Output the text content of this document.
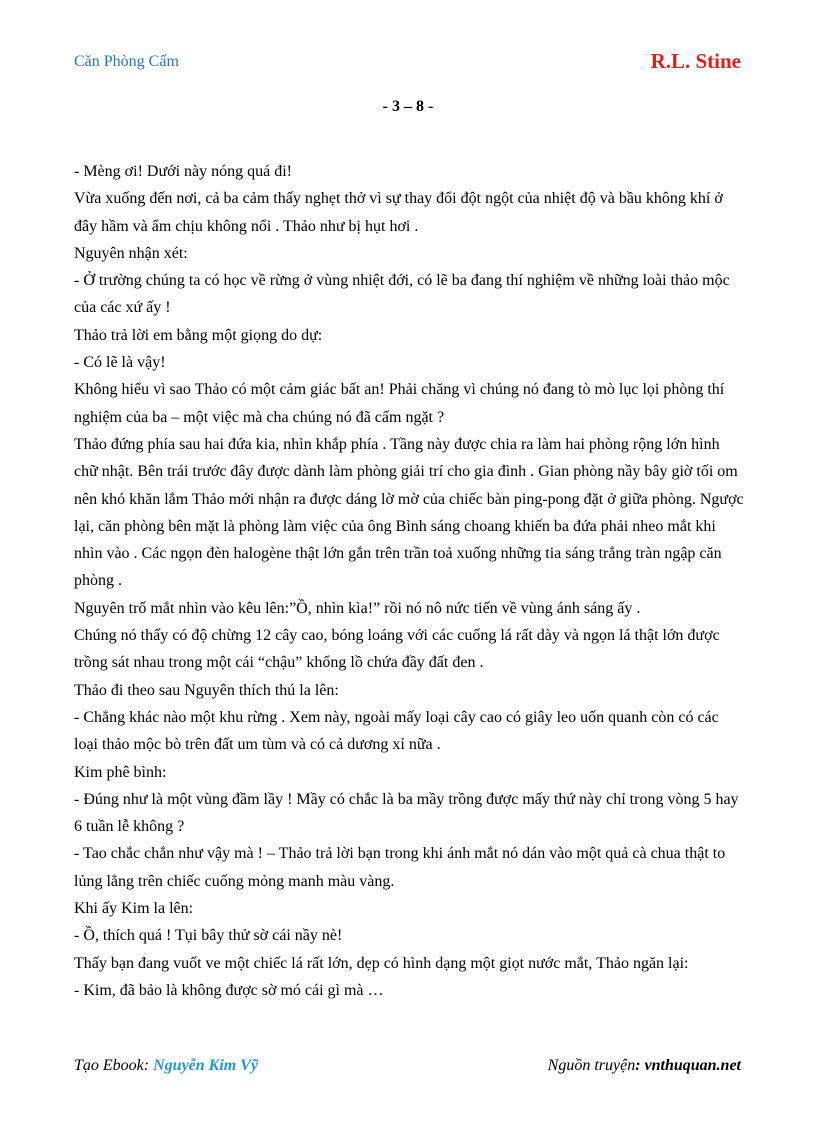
Căn Phòng Cấm	R.L. Stine
- 3 – 8 -

- Mèng ơi! Dưới này nóng quá đi!

Vừa xuống đến nơi, cả ba cảm thấy nghẹt thở vì sự thay đổi đột ngột của nhiệt độ và bầu không khí ở đây hầm và ẩm chịu không nổi . Thảo như bị hụt hơi .

Nguyên nhận xét:

- Ở trường chúng ta có học về rừng ở vùng nhiệt đới, có lẽ ba đang thí nghiệm về những loài thảo mộc của các xứ ấy !

Thảo trả lời em bằng một giọng do dự:

- Có lẽ là vậy!

Không hiểu vì sao Thảo có một cảm giác bất an! Phải chăng vì chúng nó đang tò mò lục lọi phòng thí nghiệm của ba – một việc mà cha chúng nó đã cấm ngặt ?

Thảo đứng phía sau hai đứa kia, nhìn khắp phía . Tầng này được chia ra làm hai phòng rộng lớn hình chữ nhật. Bên trái trước đây được dành làm phòng giải trí cho gia đình . Gian phòng nầy bây giờ tối om nên khó khăn lắm Thảo mới nhận ra được dáng lờ mờ của chiếc bàn ping-pong đặt ở giữa phòng. Ngược lại, căn phòng bên mặt là phòng làm việc của ông Bình sáng choang khiến ba đứa phải nheo mắt khi nhìn vào . Các ngọn đèn halogène thật lớn gắn trên trần toả xuống những tia sáng trắng tràn ngập căn phòng .

Nguyên trố mắt nhìn vào kêu lên:”Ồ, nhìn kìa!” rồi nó nô nức tiến về vùng ánh sáng ấy .

Chúng nó thấy có độ chừng 12 cây cao, bóng loáng với các cuống lá rất dày và ngọn lá thật lớn được trồng sát nhau trong một cái “chậu” khổng lồ chứa đầy đất đen .

Thảo đi theo sau Nguyên thích thú la lên:

- Chẳng khác nào một khu rừng . Xem này, ngoài mấy loại cây cao có giây leo uốn quanh còn có các loại thảo mộc bò trên đất um tùm và có cả dương xỉ nữa .

Kim phê bình:

- Đúng như là một vùng đầm lầy ! Mầy có chắc là ba mầy trồng được mấy thứ này chỉ trong vòng 5 hay 6 tuần lễ không ?

- Tao chắc chắn như vậy mà ! – Thảo trả lời bạn trong khi ánh mắt nó dán vào một quả cà chua thật to lủng lẳng trên chiếc cuống mỏng manh màu vàng.

Khi ấy Kim la lên:

- Ồ, thích quá ! Tụi bây thử sờ cái nầy nè!

Thấy bạn đang vuốt ve một chiếc lá rất lớn, dẹp có hình dạng một giọt nước mắt, Thảo ngăn lại:

- Kim, đã bảo là không được sờ mó cái gì mà …

Tạo Ebook: Nguyễn Kim Vỹ	Nguồn truyện: vnthuquan.net
